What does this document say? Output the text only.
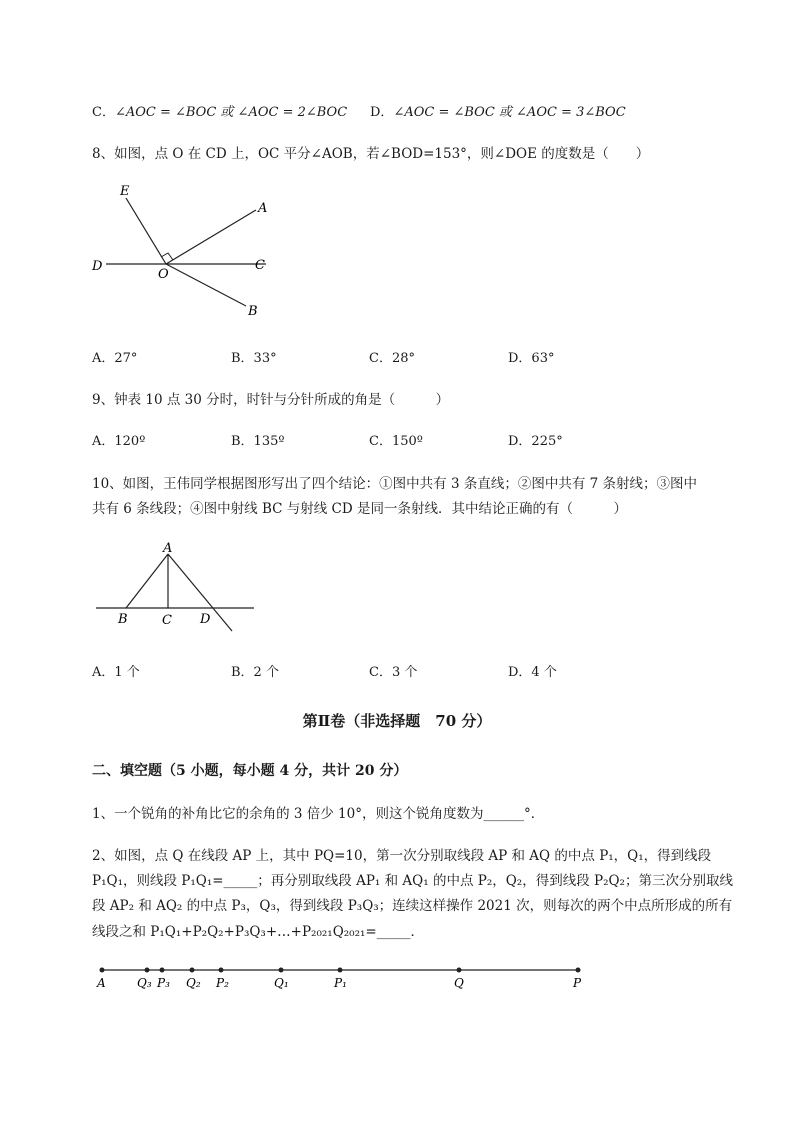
C．∠AOC = ∠BOC 或 ∠AOC = 2∠BOC D．∠AOC = ∠BOC 或 ∠AOC = 3∠BOC
8、如图，点 O 在 CD 上，OC 平分∠AOB，若∠BOD=153°，则∠DOE 的度数是（　　）
E
A
D
O
C
B
A．27°	B．33°	C．28°	D．63°
9、钟表 10 点 30 分时，时针与分针所成的角是（　　　）
A．120º	B．135º	C．150º	D．225°
10、如图，王伟同学根据图形写出了四个结论：①图中共有 3 条直线；②图中共有 7 条射线；③图中
共有 6 条线段；④图中射线 BC 与射线 CD 是同一条射线．其中结论正确的有（　　　）
A
B	C D
A．1 个	B．2 个	C．3 个	D．4 个
第Ⅱ卷（非选择题　70 分）
二、填空题（5 小题，每小题 4 分，共计 20 分）
1、一个锐角的补角比它的余角的 3 倍少 10°，则这个锐角度数为______°．
2、如图，点 Q 在线段 AP 上，其中 PQ=10，第一次分别取线段 AP 和 AQ 的中点 P₁，Q₁，得到线段
P₁Q₁，则线段 P₁Q₁=_____；再分别取线段 AP₁ 和 AQ₁ 的中点 P₂，Q₂，得到线段 P₂Q₂；第三次分别取线
段 AP₂ 和 AQ₂ 的中点 P₃，Q₃，得到线段 P₃Q₃；连续这样操作 2021 次，则每次的两个中点所形成的所有
线段之和 P₁Q₁+P₂Q₂+P₃Q₃+…+P₂₀₂₁Q₂₀₂₁=_____．
A	Q₃ P₃ Q₂ P₂	Q₁	P₁	Q	P
